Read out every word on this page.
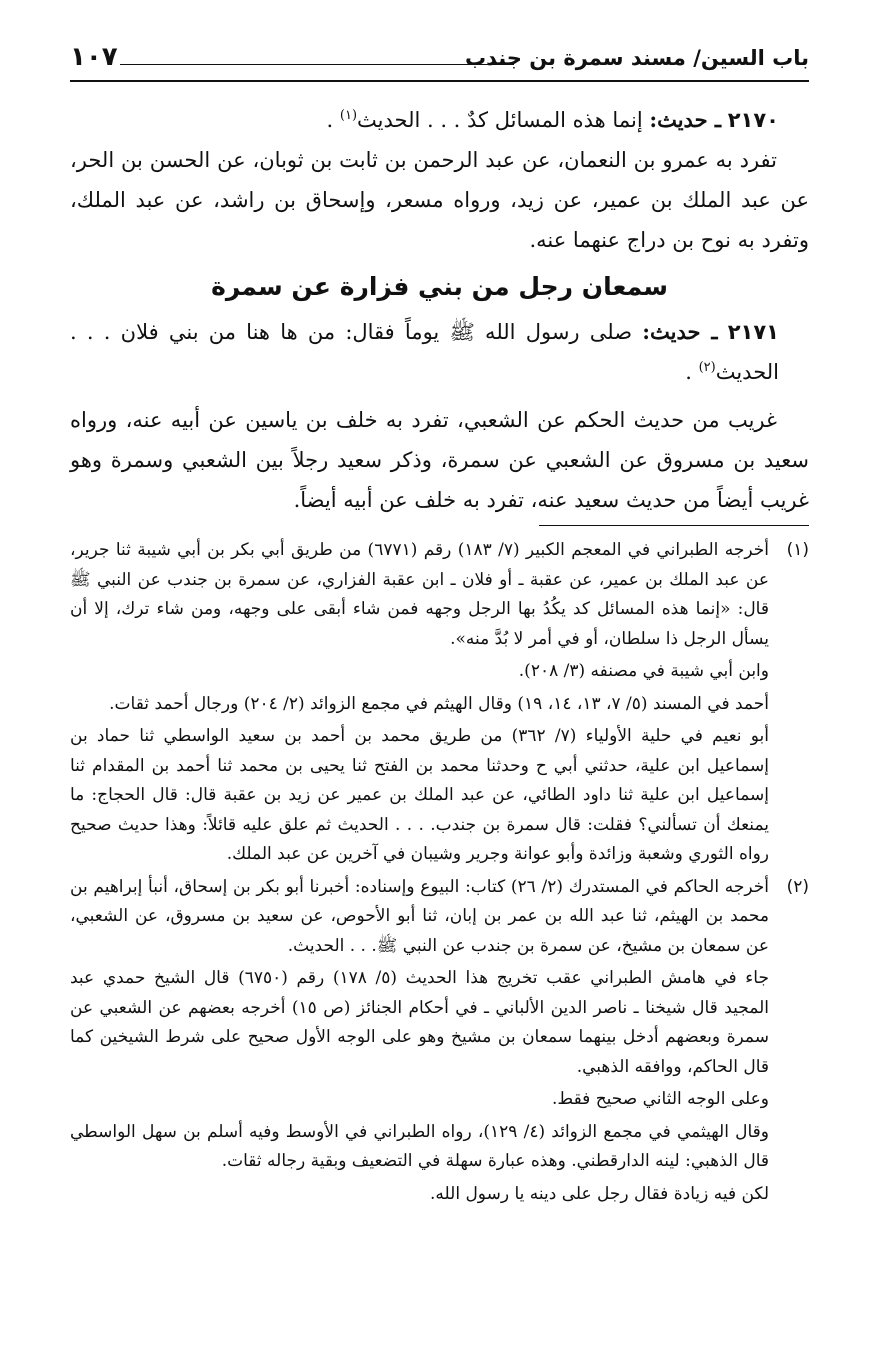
باب السين/ مسند سمرة بن جندب
١٠٧

٢١٧٠ ـ حديث: إنما هذه المسائل كدٌ . . . الحديث$^{(١)}$ .

تفرد به عمرو بن النعمان، عن عبد الرحمن بن ثابت بن ثوبان، عن الحسن بن الحر، عن عبد الملك بن عمير، عن زيد، ورواه مسعر، وإسحاق بن راشد، عن عبد الملك، وتفرد به نوح بن دراج عنهما عنه.

سمعان رجل من بني فزارة عن سمرة

٢١٧١ ـ حديث: صلى رسول الله ﷺ يوماً فقال: من ها هنا من بني فلان . . . الحديث$^{(٢)}$ .

غريب من حديث الحكم عن الشعبي، تفرد به خلف بن ياسين عن أبيه عنه، ورواه سعيد بن مسروق عن الشعبي عن سمرة، وذكر سعيد رجلاً بين الشعبي وسمرة وهو غريب أيضاً من حديث سعيد عنه، تفرد به خلف عن أبيه أيضاً.

(١)
أخرجه الطبراني في المعجم الكبير (٧/ ١٨٣) رقم (٦٧٧١) من طريق أبي بكر بن أبي شيبة ثنا جرير، عن عبد الملك بن عمير، عن عقبة ـ أو فلان ـ ابن عقبة الفزاري، عن سمرة بن جندب عن النبي ﷺ قال: «إنما هذه المسائل كد يكُدُ بها الرجل وجهه فمن شاء أبقى على وجهه، ومن شاء ترك، إلا أن يسأل الرجل ذا سلطان، أو في أمر لا بُدَّ منه».

وابن أبي شيبة في مصنفه (٣/ ٢٠٨).

أحمد في المسند (٥/ ٧، ١٣، ١٤، ١٩) وقال الهيثم في مجمع الزوائد (٢/ ٢٠٤) ورجال أحمد ثقات.

أبو نعيم في حلية الأولياء (٧/ ٣٦٢) من طريق محمد بن أحمد بن سعيد الواسطي ثنا حماد بن إسماعيل ابن علية، حدثني أبي ح وحدثنا محمد بن الفتح ثنا يحيى بن محمد ثنا أحمد بن المقدام ثنا إسماعيل ابن علية ثنا داود الطائي، عن عبد الملك بن عمير عن زيد بن عقبة قال: قال الحجاج: ما يمنعك أن تسألني؟ فقلت: قال سمرة بن جندب. . . . الحديث ثم علق عليه قائلاً: وهذا حديث صحيح رواه الثوري وشعبة وزائدة وأبو عوانة وجرير وشيبان في آخرين عن عبد الملك.

(٢)
أخرجه الحاكم في المستدرك (٢/ ٢٦) كتاب: البيوع وإسناده: أخبرنا أبو بكر بن إسحاق، أنبأ إبراهيم بن محمد بن الهيثم، ثنا عبد الله بن عمر بن إبان، ثنا أبو الأحوص، عن سعيد بن مسروق، عن الشعبي، عن سمعان بن مشيخ، عن سمرة بن جندب عن النبي ﷺ. . . الحديث.

جاء في هامش الطبراني عقب تخريج هذا الحديث (٥/ ١٧٨) رقم (٦٧٥٠) قال الشيخ حمدي عبد المجيد قال شيخنا ـ ناصر الدين الألباني ـ في أحكام الجنائز (ص ١٥) أخرجه بعضهم عن الشعبي عن سمرة وبعضهم أدخل بينهما سمعان بن مشيخ وهو على الوجه الأول صحيح على شرط الشيخين كما قال الحاكم، ووافقه الذهبي.

وعلى الوجه الثاني صحيح فقط.

وقال الهيثمي في مجمع الزوائد (٤/ ١٢٩)، رواه الطبراني في الأوسط وفيه أسلم بن سهل الواسطي قال الذهبي: لينه الدارقطني. وهذه عبارة سهلة في التضعيف وبقية رجاله ثقات.

لكن فيه زيادة فقال رجل على دينه يا رسول الله.
